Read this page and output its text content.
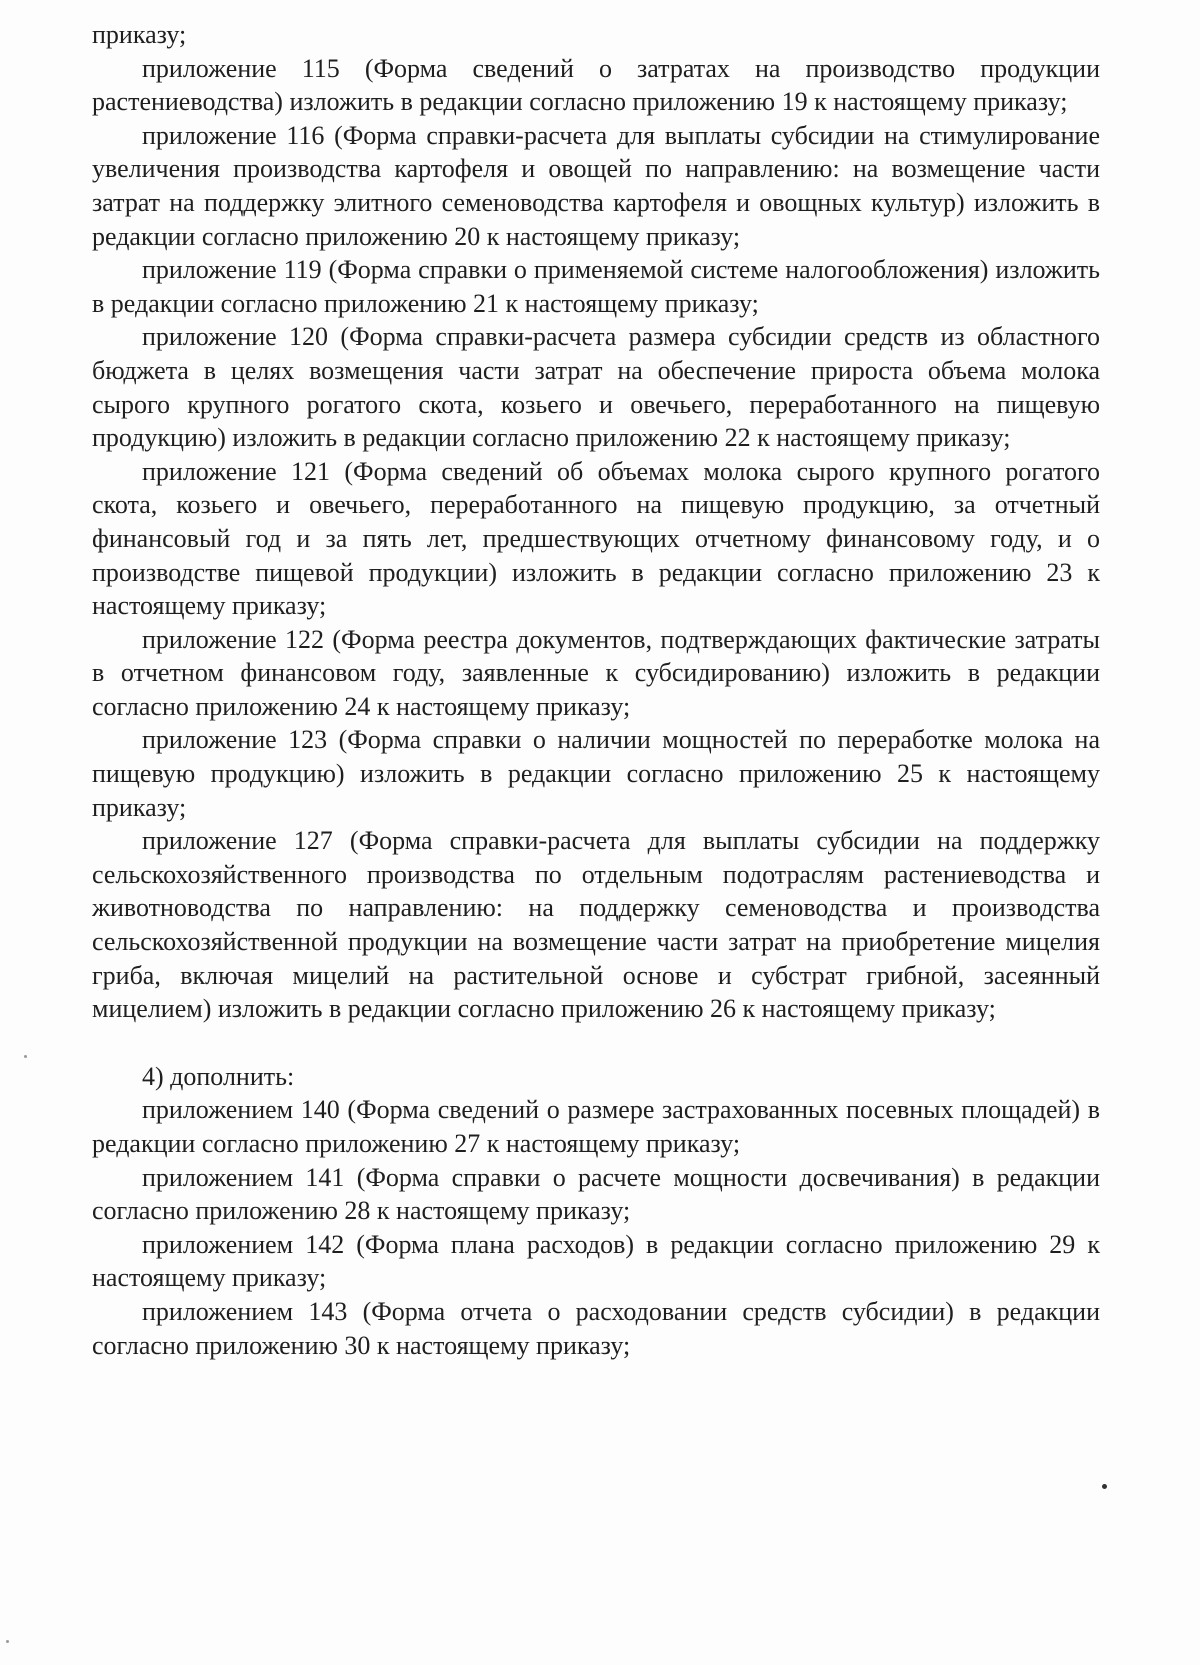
приказу;

приложение 115 (Форма сведений о затратах на производство продукции растениеводства) изложить в редакции согласно приложению 19 к настоящему приказу;

приложение 116 (Форма справки-расчета для выплаты субсидии на стимулирование увеличения производства картофеля и овощей по направлению: на возмещение части затрат на поддержку элитного семеноводства картофеля и овощных культур) изложить в редакции согласно приложению 20 к настоящему приказу;

приложение 119 (Форма справки о применяемой системе налогообложения) изложить в редакции согласно приложению 21 к настоящему приказу;

приложение 120 (Форма справки-расчета размера субсидии средств из областного бюджета в целях возмещения части затрат на обеспечение прироста объема молока сырого крупного рогатого скота, козьего и овечьего, переработанного на пищевую продукцию) изложить в редакции согласно приложению 22 к настоящему приказу;

приложение 121 (Форма сведений об объемах молока сырого крупного рогатого скота, козьего и овечьего, переработанного на пищевую продукцию, за отчетный финансовый год и за пять лет, предшествующих отчетному финансовому году, и о производстве пищевой продукции) изложить в редакции согласно приложению 23 к настоящему приказу;

приложение 122 (Форма реестра документов, подтверждающих фактические затраты в отчетном финансовом году, заявленные к субсидированию) изложить в редакции согласно приложению 24 к настоящему приказу;

приложение 123 (Форма справки о наличии мощностей по переработке молока на пищевую продукцию) изложить в редакции согласно приложению 25 к настоящему приказу;

приложение 127 (Форма справки-расчета для выплаты субсидии на поддержку сельскохозяйственного производства по отдельным подотраслям растениеводства и животноводства по направлению: на поддержку семеноводства и производства сельскохозяйственной продукции на возмещение части затрат на приобретение мицелия гриба, включая мицелий на растительной основе и субстрат грибной, засеянный мицелием) изложить в редакции согласно приложению 26 к настоящему приказу;

4) дополнить:

приложением 140 (Форма сведений о размере застрахованных посевных площадей) в редакции согласно приложению 27 к настоящему приказу;

приложением 141 (Форма справки о расчете мощности досвечивания) в редакции согласно приложению 28 к настоящему приказу;

приложением 142 (Форма плана расходов) в редакции согласно приложению 29 к настоящему приказу;

приложением 143 (Форма отчета о расходовании средств субсидии) в редакции согласно приложению 30 к настоящему приказу;
